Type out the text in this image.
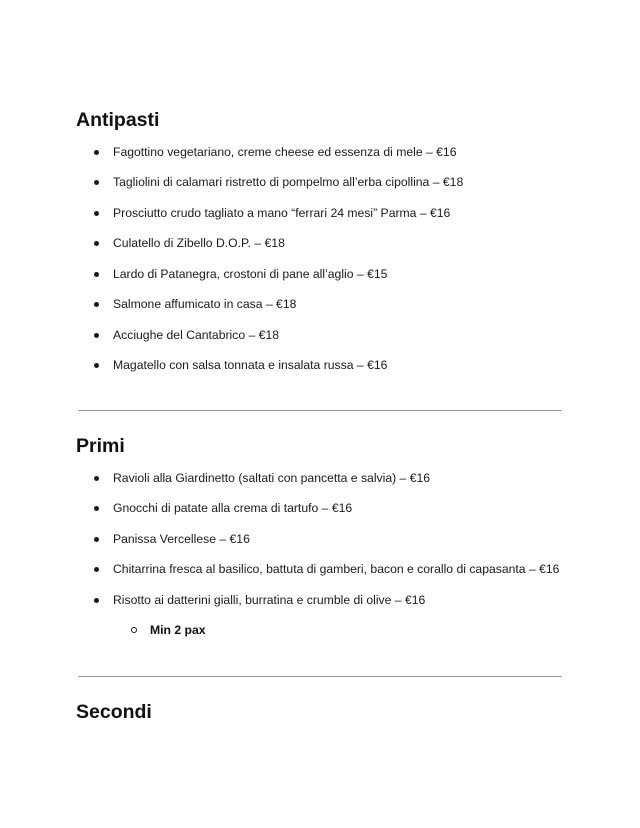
Antipasti
Fagottino vegetariano, creme cheese ed essenza di mele – €16
Tagliolini di calamari ristretto di pompelmo all’erba cipollina – €18
Prosciutto crudo tagliato a mano “ferrari 24 mesi” Parma – €16
Culatello di Zibello D.O.P. – €18
Lardo di Patanegra, crostoni di pane all’aglio – €15
Salmone affumicato in casa – €18
Acciughe del Cantabrico – €18
Magatello con salsa tonnata e insalata russa – €16
Primi
Ravioli alla Giardinetto (saltati con pancetta e salvia) – €16
Gnocchi di patate alla crema di tartufo – €16
Panissa Vercellese – €16
Chitarrina fresca al basilico, battuta di gamberi, bacon e corallo di capasanta – €16
Risotto ai datterini gialli, burratina e crumble di olive – €16
Min 2 pax
Secondi
